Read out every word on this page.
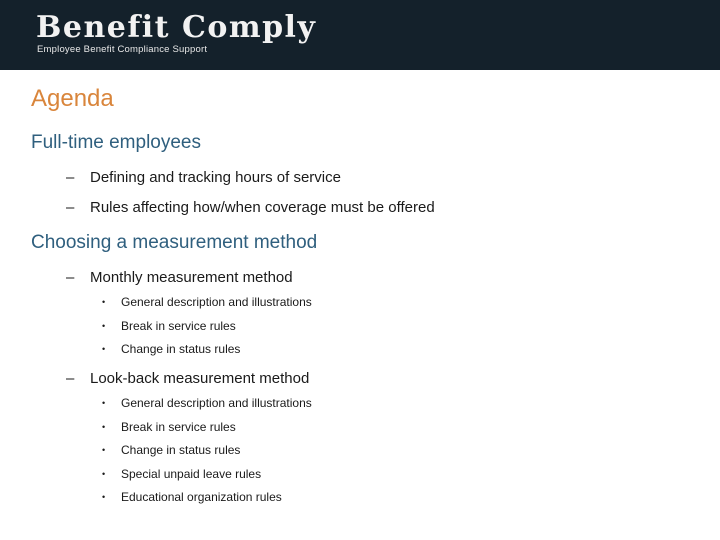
Benefit Comply
Employee Benefit Compliance Support
Agenda
Full-time employees
– Defining and tracking hours of service
– Rules affecting how/when coverage must be offered
Choosing a measurement method
– Monthly measurement method
• General description and illustrations
• Break in service rules
• Change in status rules
– Look-back measurement method
• General description and illustrations
• Break in service rules
• Change in status rules
• Special unpaid leave rules
• Educational organization rules
